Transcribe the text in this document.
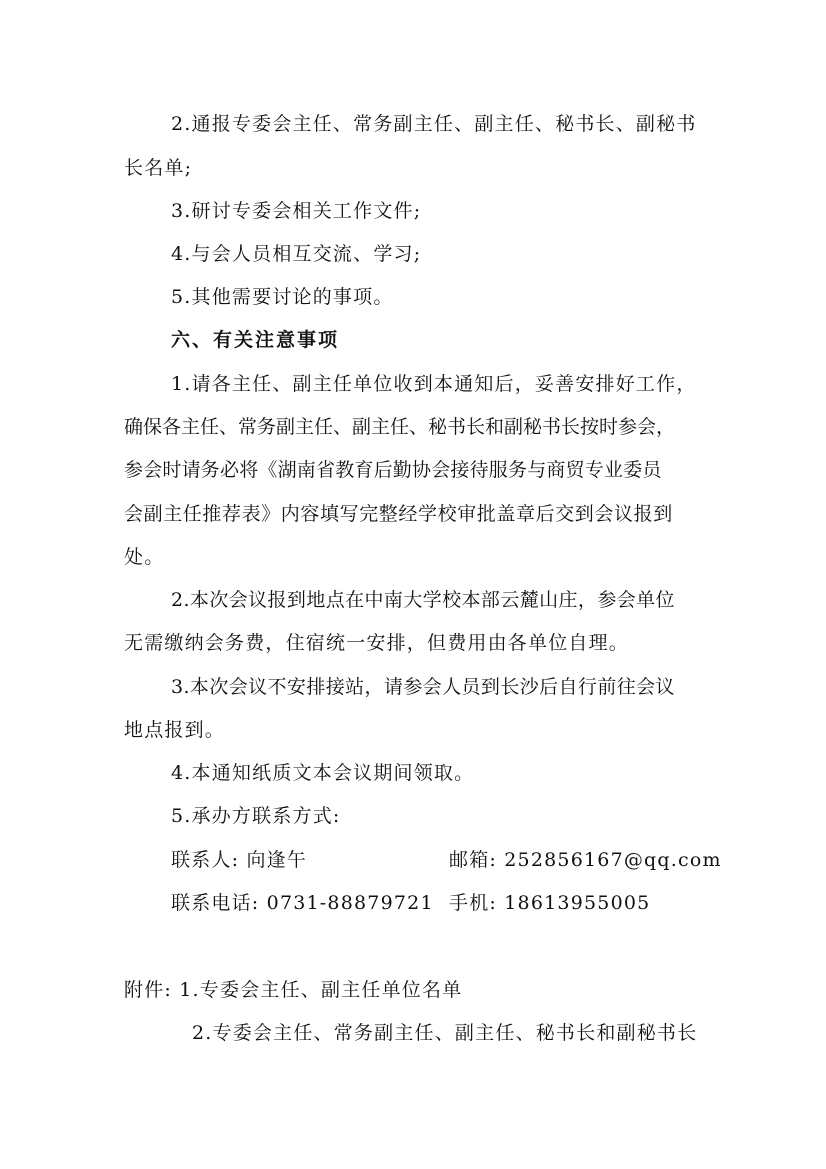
2.通报专委会主任、常务副主任、副主任、秘书长、副秘书
长名单;
3.研讨专委会相关工作文件;
4.与会人员相互交流、学习;
5.其他需要讨论的事项。
六、有关注意事项
1.请各主任、副主任单位收到本通知后，妥善安排好工作，
确保各主任、常务副主任、副主任、秘书长和副秘书长按时参会，
参会时请务必将《湖南省教育后勤协会接待服务与商贸专业委员
会副主任推荐表》内容填写完整经学校审批盖章后交到会议报到
处。
2.本次会议报到地点在中南大学校本部云麓山庄，参会单位
无需缴纳会务费，住宿统一安排，但费用由各单位自理。
3.本次会议不安排接站，请参会人员到长沙后自行前往会议
地点报到。
4.本通知纸质文本会议期间领取。
5.承办方联系方式:
联系人: 向逢午	邮箱: 252856167@qq.com
联系电话: 0731-88879721 手机: 18613955005
附件: 1.专委会主任、副主任单位名单
2.专委会主任、常务副主任、副主任、秘书长和副秘书长
